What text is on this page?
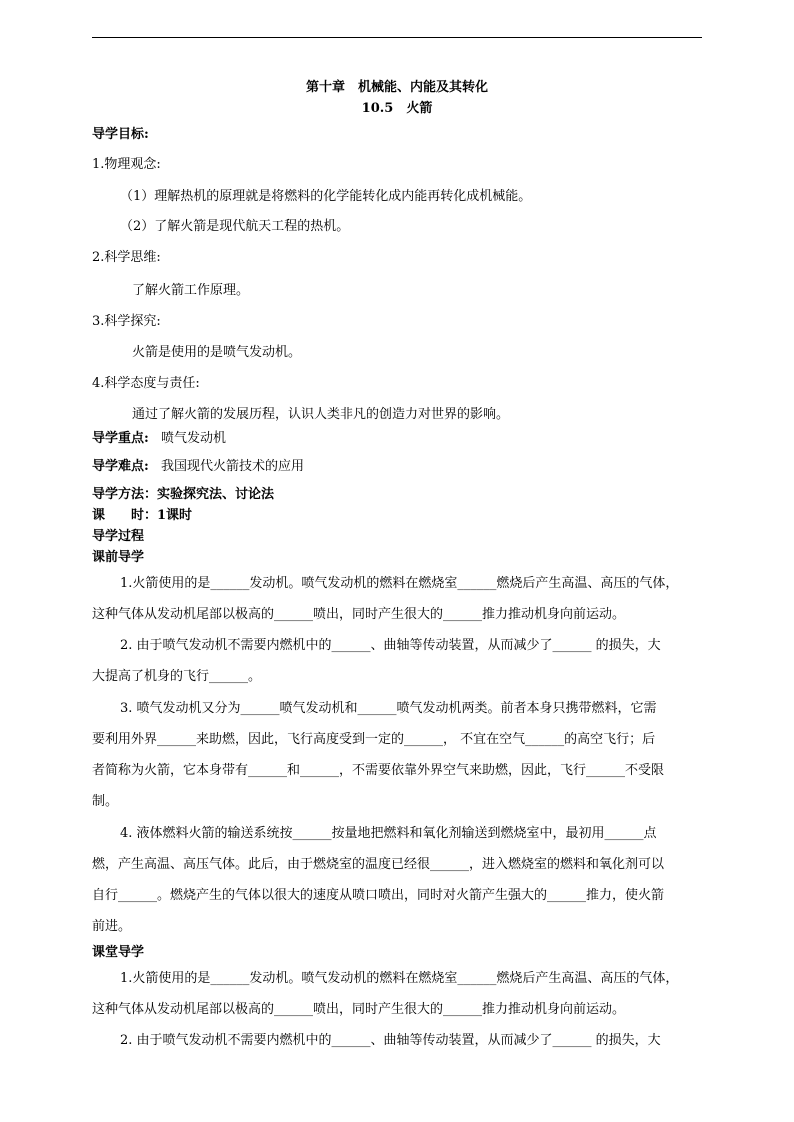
第十章　机械能、内能及其转化
10.5　火箭
导学目标:
1.物理观念:
（1）理解热机的原理就是将燃料的化学能转化成内能再转化成机械能。
（2）了解火箭是现代航天工程的热机。
2.科学思维:
了解火箭工作原理。
3.科学探究:
火箭是使用的是喷气发动机。
4.科学态度与责任:
通过了解火箭的发展历程，认识人类非凡的创造力对世界的影响。
导学重点: 喷气发动机
导学难点: 我国现代火箭技术的应用
导学方法：实验探究法、讨论法
课　　时：1课时
导学过程
课前导学
1.火箭使用的是______发动机。喷气发动机的燃料在燃烧室______燃烧后产生高温、高压的气体，
这种气体从发动机尾部以极高的______喷出，同时产生很大的______推力推动机身向前运动。
2. 由于喷气发动机不需要内燃机中的______、曲轴等传动装置，从而减少了______ 的损失，大
大提高了机身的飞行______。
3. 喷气发动机又分为______喷气发动机和______喷气发动机两类。前者本身只携带燃料，它需
要利用外界______来助燃，因此，飞行高度受到一定的______， 不宜在空气______的高空飞行；后
者简称为火箭，它本身带有______和______，不需要依靠外界空气来助燃，因此，飞行______不受限
制。
4. 液体燃料火箭的输送系统按______按量地把燃料和氧化剂输送到燃烧室中，最初用______点
燃，产生高温、高压气体。此后，由于燃烧室的温度已经很______，进入燃烧室的燃料和氧化剂可以
自行______。燃烧产生的气体以很大的速度从喷口喷出，同时对火箭产生强大的______推力，使火箭
前进。
课堂导学
1.火箭使用的是______发动机。喷气发动机的燃料在燃烧室______燃烧后产生高温、高压的气体，
这种气体从发动机尾部以极高的______喷出，同时产生很大的______推力推动机身向前运动。
2. 由于喷气发动机不需要内燃机中的______、曲轴等传动装置，从而减少了______ 的损失，大
